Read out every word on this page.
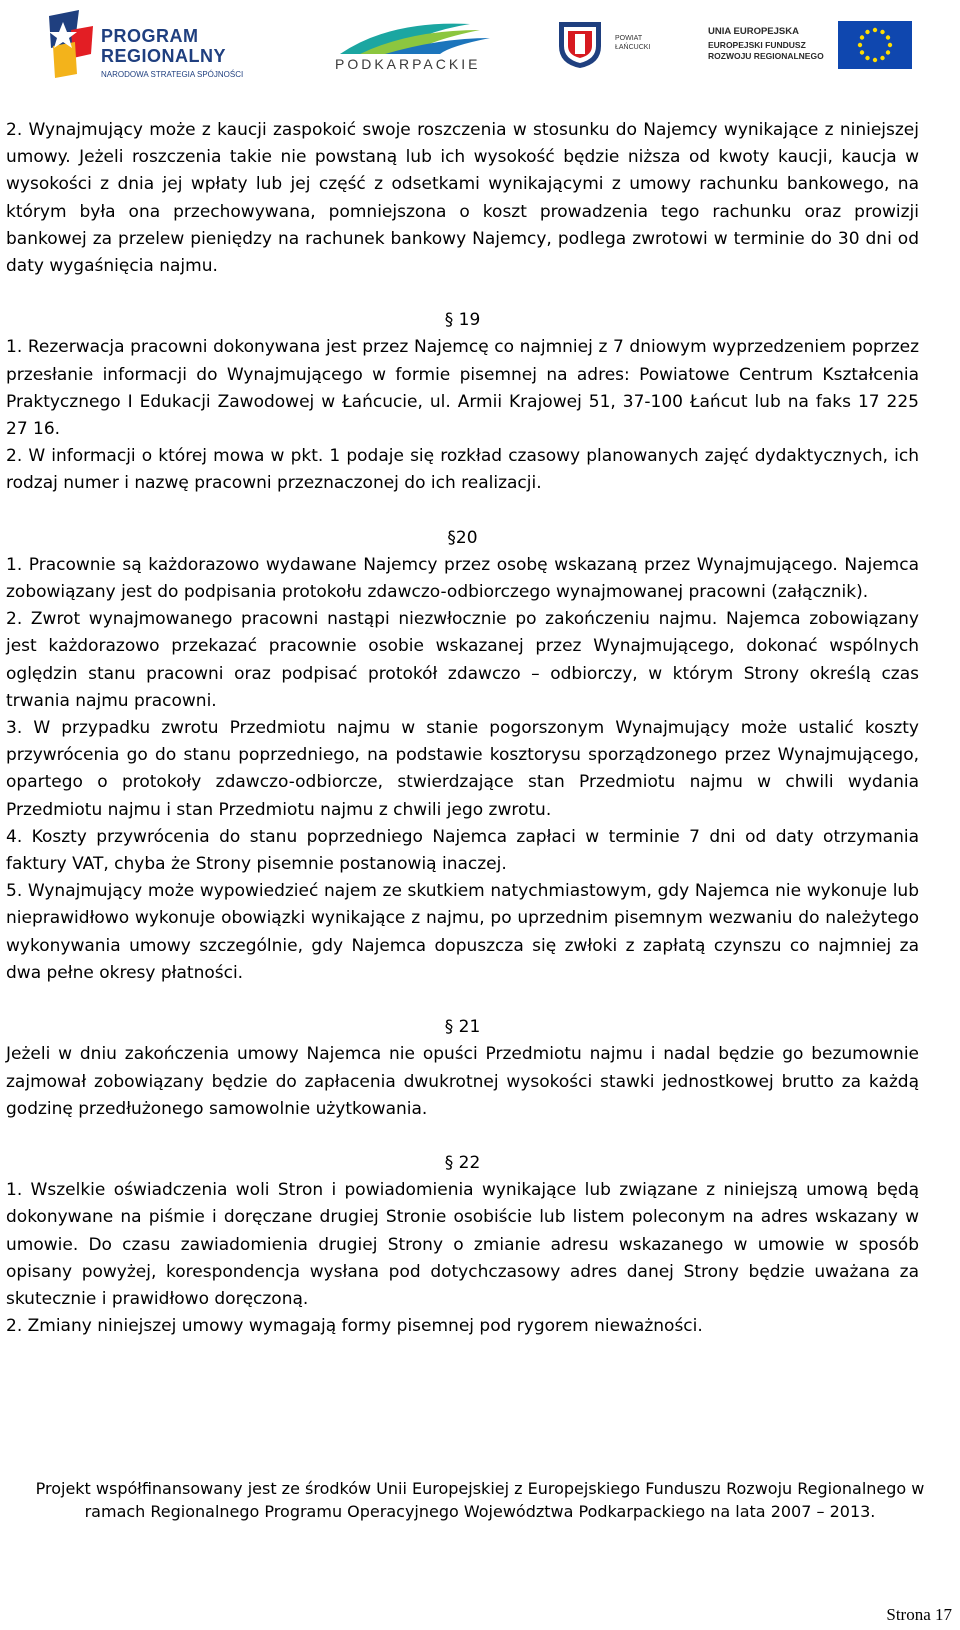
PROGRAM
REGIONALNY
NARODOWA STRATEGIA SPÓJNOŚCI
PODKARPACKIE
POWIAT
ŁAŃCUCKI
UNIA EUROPEJSKA
EUROPEJSKI FUNDUSZ
ROZWOJU REGIONALNEGO

2. Wynajmujący może z kaucji zaspokoić swoje roszczenia w stosunku do Najemcy wynikające z niniejszej umowy. Jeżeli roszczenia takie nie powstaną lub ich wysokość będzie niższa od kwoty kaucji, kaucja w wysokości z dnia jej wpłaty lub jej część z odsetkami wynikającymi z umowy rachunku bankowego, na którym była ona przechowywana, pomniejszona o koszt prowadzenia tego rachunku oraz prowizji bankowej za przelew pieniędzy na rachunek bankowy Najemcy, podlega zwrotowi w terminie do 30 dni od daty wygaśnięcia najmu.

§ 19

1. Rezerwacja pracowni dokonywana jest przez Najemcę co najmniej z 7 dniowym wyprzedzeniem poprzez przesłanie informacji do Wynajmującego w formie pisemnej na adres: Powiatowe Centrum Kształcenia Praktycznego I Edukacji Zawodowej w Łańcucie, ul. Armii Krajowej 51, 37-100 Łańcut lub na faks 17 225 27 16.

2. W informacji o której mowa w pkt. 1 podaje się rozkład czasowy planowanych zajęć dydaktycznych, ich rodzaj numer i nazwę pracowni przeznaczonej do ich realizacji.

§20

1. Pracownie są każdorazowo wydawane Najemcy przez osobę wskazaną przez Wynajmującego. Najemca zobowiązany jest do podpisania protokołu zdawczo-odbiorczego wynajmowanej pracowni (załącznik).

2. Zwrot wynajmowanego pracowni nastąpi niezwłocznie po zakończeniu najmu. Najemca zobowiązany jest każdorazowo przekazać pracownie osobie wskazanej przez Wynajmującego, dokonać wspólnych oględzin stanu pracowni oraz podpisać protokół zdawczo – odbiorczy, w którym Strony określą czas trwania najmu pracowni.

3. W przypadku zwrotu Przedmiotu najmu w stanie pogorszonym Wynajmujący może ustalić koszty przywrócenia go do stanu poprzedniego, na podstawie kosztorysu sporządzonego przez Wynajmującego, opartego o protokoły zdawczo-odbiorcze, stwierdzające stan Przedmiotu najmu w chwili wydania Przedmiotu najmu i stan Przedmiotu najmu z chwili jego zwrotu.

4. Koszty przywrócenia do stanu poprzedniego Najemca zapłaci w terminie 7 dni od daty otrzymania faktury VAT, chyba że Strony pisemnie postanowią inaczej.

5. Wynajmujący może wypowiedzieć najem ze skutkiem natychmiastowym, gdy Najemca nie wykonuje lub nieprawidłowo wykonuje obowiązki wynikające z najmu, po uprzednim pisemnym wezwaniu do należytego wykonywania umowy szczególnie, gdy Najemca dopuszcza się zwłoki z zapłatą czynszu co najmniej za dwa pełne okresy płatności.

§ 21

Jeżeli w dniu zakończenia umowy Najemca nie opuści Przedmiotu najmu i nadal będzie go bezumownie zajmował zobowiązany będzie do zapłacenia dwukrotnej wysokości stawki jednostkowej brutto za każdą godzinę przedłużonego samowolnie użytkowania.

§ 22

1. Wszelkie oświadczenia woli Stron i powiadomienia wynikające lub związane z niniejszą umową będą dokonywane na piśmie i doręczane drugiej Stronie osobiście lub listem poleconym na adres wskazany w umowie. Do czasu zawiadomienia drugiej Strony o zmianie adresu wskazanego w umowie w sposób opisany powyżej, korespondencja wysłana pod dotychczasowy adres danej Strony będzie uważana za skutecznie i prawidłowo doręczoną.

2. Zmiany niniejszej umowy wymagają formy pisemnej pod rygorem nieważności.

Projekt współfinansowany jest ze środków Unii Europejskiej z Europejskiego Funduszu Rozwoju Regionalnego w ramach Regionalnego Programu Operacyjnego Województwa Podkarpackiego na lata 2007 – 2013.

Strona 17
